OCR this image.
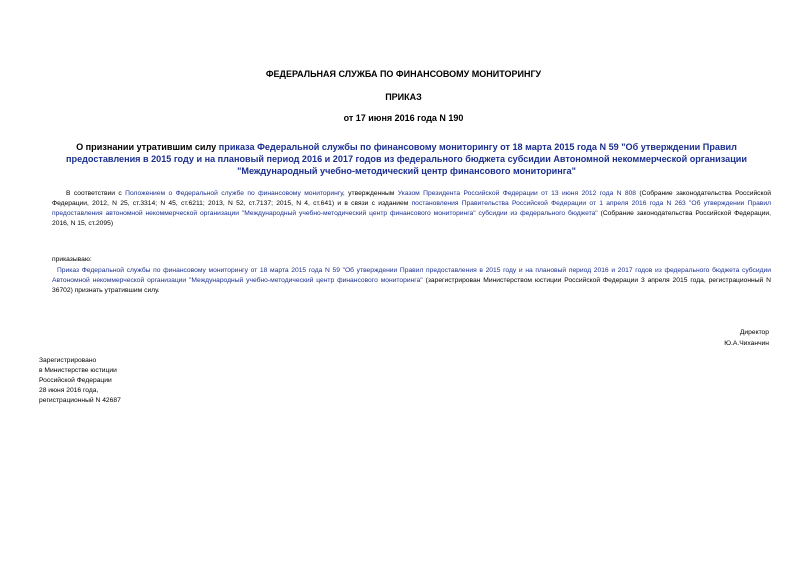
ФЕДЕРАЛЬНАЯ СЛУЖБА ПО ФИНАНСОВОМУ МОНИТОРИНГУ
ПРИКАЗ
от 17 июня 2016 года N 190
О признании утратившим силу приказа Федеральной службы по финансовому мониторингу от 18 марта 2015 года N 59 "Об утверждении Правил предоставления в 2015 году и на плановый период 2016 и 2017 годов из федерального бюджета субсидии Автономной некоммерческой организации "Международный учебно-методический центр финансового мониторинга"
В соответствии с Положением о Федеральной службе по финансовому мониторингу, утвержденным Указом Президента Российской Федерации от 13 июня 2012 года N 808 (Собрание законодательства Российской Федерации, 2012, N 25, ст.3314; N 45, ст.6211; 2013, N 52, ст.7137; 2015, N 4, ст.641) и в связи с изданием постановления Правительства Российской Федерации от 1 апреля 2016 года N 263 "Об утверждении Правил предоставления автономной некоммерческой организации "Международный учебно-методический центр финансового мониторинга" субсидии из федерального бюджета" (Собрание законодательства Российской Федерации, 2016, N 15, ст.2095)
приказываю:
Приказ Федеральной службы по финансовому мониторингу от 18 марта 2015 года N 59 "Об утверждении Правил предоставления в 2015 году и на плановый период 2016 и 2017 годов из федерального бюджета субсидии Автономной некоммерческой организации "Международный учебно-методический центр финансового мониторинга" (зарегистрирован Министерством юстиции Российской Федерации 3 апреля 2015 года, регистрационный N 36702) признать утратившим силу.
Директор
Ю.А.Чиханчин
Зарегистрировано
в Министерстве юстиции
Российской Федерации
28 июня 2016 года,
регистрационный N 42687
